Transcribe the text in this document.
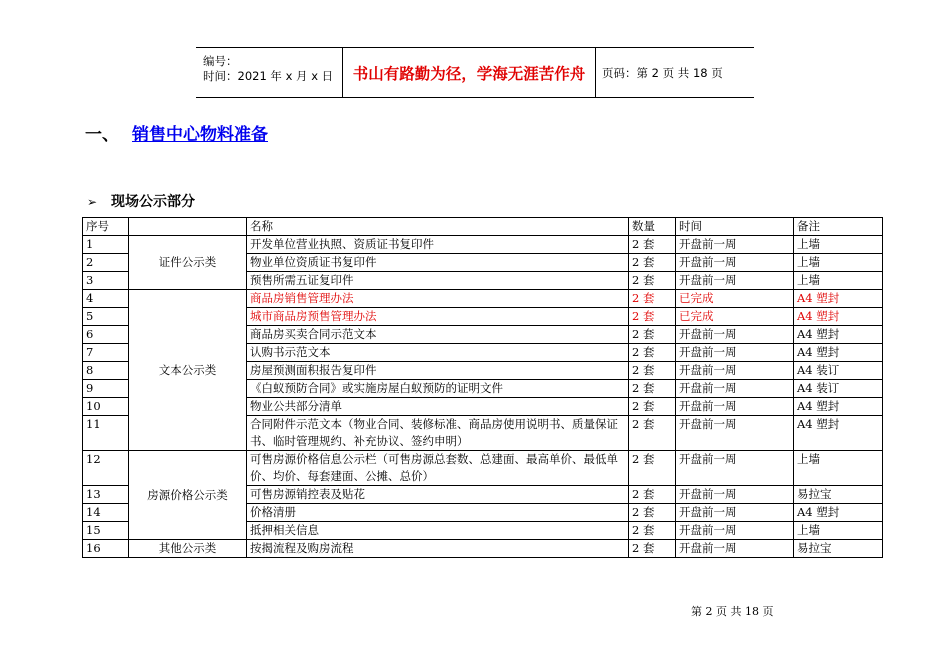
编号：
时间：2021 年 x 月 x 日	书山有路勤为径，学海无涯苦作舟	页码：第 2 页 共 18 页
一、 销售中心物料准备
➢ 现场公示部分
序号		名称	数量	时间	备注
1	证件公示类	开发单位营业执照、资质证书复印件	2 套	开盘前一周	上墙
2		物业单位资质证书复印件	2 套	开盘前一周	上墙
3		预售所需五证复印件	2 套	开盘前一周	上墙
4	文本公示类	商品房销售管理办法	2 套	已完成	A4 塑封
5		城市商品房预售管理办法	2 套	已完成	A4 塑封
6		商品房买卖合同示范文本	2 套	开盘前一周	A4 塑封
7		认购书示范文本	2 套	开盘前一周	A4 塑封
8		房屋预测面积报告复印件	2 套	开盘前一周	A4 装订
9		《白蚁预防合同》或实施房屋白蚁预防的证明文件	2 套	开盘前一周	A4 装订
10		物业公共部分清单	2 套	开盘前一周	A4 塑封
11		合同附件示范文本（物业合同、装修标准、商品房使用说明书、质量保证书、临时管理规约、补充协议、签约申明）	2 套	开盘前一周	A4 塑封
12	房源价格公示类	可售房源价格信息公示栏（可售房源总套数、总建面、最高单价、最低单价、均价、每套建面、公摊、总价）	2 套	开盘前一周	上墙
13		可售房源销控表及贴花	2 套	开盘前一周	易拉宝
14		价格清册	2 套	开盘前一周	A4 塑封
15		抵押相关信息	2 套	开盘前一周	上墙
16	其他公示类	按揭流程及购房流程	2 套	开盘前一周	易拉宝
第 2 页 共 18 页
